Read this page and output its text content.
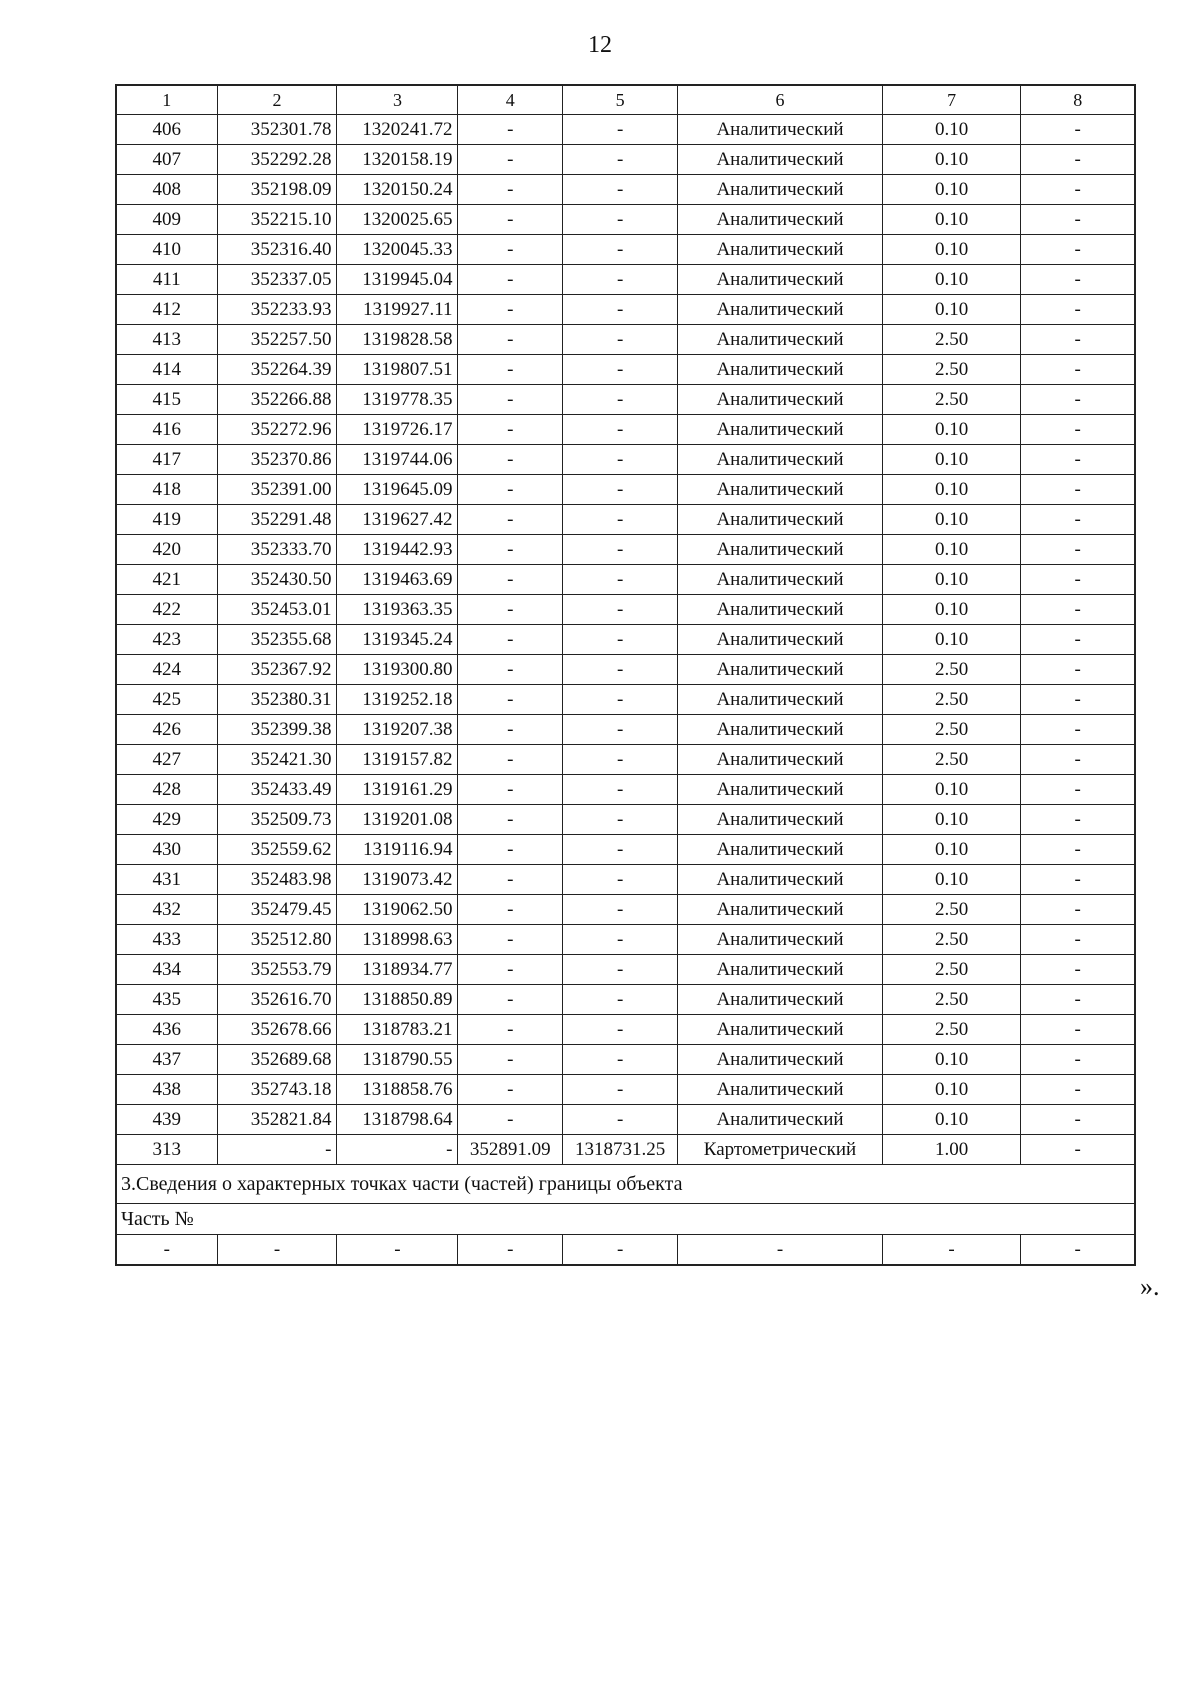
12
1	2	3	4	5	6	7	8
406	352301.78	1320241.72	-	-	Аналитический	0.10	-
407	352292.28	1320158.19	-	-	Аналитический	0.10	-
408	352198.09	1320150.24	-	-	Аналитический	0.10	-
409	352215.10	1320025.65	-	-	Аналитический	0.10	-
410	352316.40	1320045.33	-	-	Аналитический	0.10	-
411	352337.05	1319945.04	-	-	Аналитический	0.10	-
412	352233.93	1319927.11	-	-	Аналитический	0.10	-
413	352257.50	1319828.58	-	-	Аналитический	2.50	-
414	352264.39	1319807.51	-	-	Аналитический	2.50	-
415	352266.88	1319778.35	-	-	Аналитический	2.50	-
416	352272.96	1319726.17	-	-	Аналитический	0.10	-
417	352370.86	1319744.06	-	-	Аналитический	0.10	-
418	352391.00	1319645.09	-	-	Аналитический	0.10	-
419	352291.48	1319627.42	-	-	Аналитический	0.10	-
420	352333.70	1319442.93	-	-	Аналитический	0.10	-
421	352430.50	1319463.69	-	-	Аналитический	0.10	-
422	352453.01	1319363.35	-	-	Аналитический	0.10	-
423	352355.68	1319345.24	-	-	Аналитический	0.10	-
424	352367.92	1319300.80	-	-	Аналитический	2.50	-
425	352380.31	1319252.18	-	-	Аналитический	2.50	-
426	352399.38	1319207.38	-	-	Аналитический	2.50	-
427	352421.30	1319157.82	-	-	Аналитический	2.50	-
428	352433.49	1319161.29	-	-	Аналитический	0.10	-
429	352509.73	1319201.08	-	-	Аналитический	0.10	-
430	352559.62	1319116.94	-	-	Аналитический	0.10	-
431	352483.98	1319073.42	-	-	Аналитический	0.10	-
432	352479.45	1319062.50	-	-	Аналитический	2.50	-
433	352512.80	1318998.63	-	-	Аналитический	2.50	-
434	352553.79	1318934.77	-	-	Аналитический	2.50	-
435	352616.70	1318850.89	-	-	Аналитический	2.50	-
436	352678.66	1318783.21	-	-	Аналитический	2.50	-
437	352689.68	1318790.55	-	-	Аналитический	0.10	-
438	352743.18	1318858.76	-	-	Аналитический	0.10	-
439	352821.84	1318798.64	-	-	Аналитический	0.10	-
313	-	-	352891.09	1318731.25	Картометрический	1.00	-
3.Сведения о характерных точках части (частей) границы объекта							
Часть №							
-	-	-	-	-	-	-	-
».
